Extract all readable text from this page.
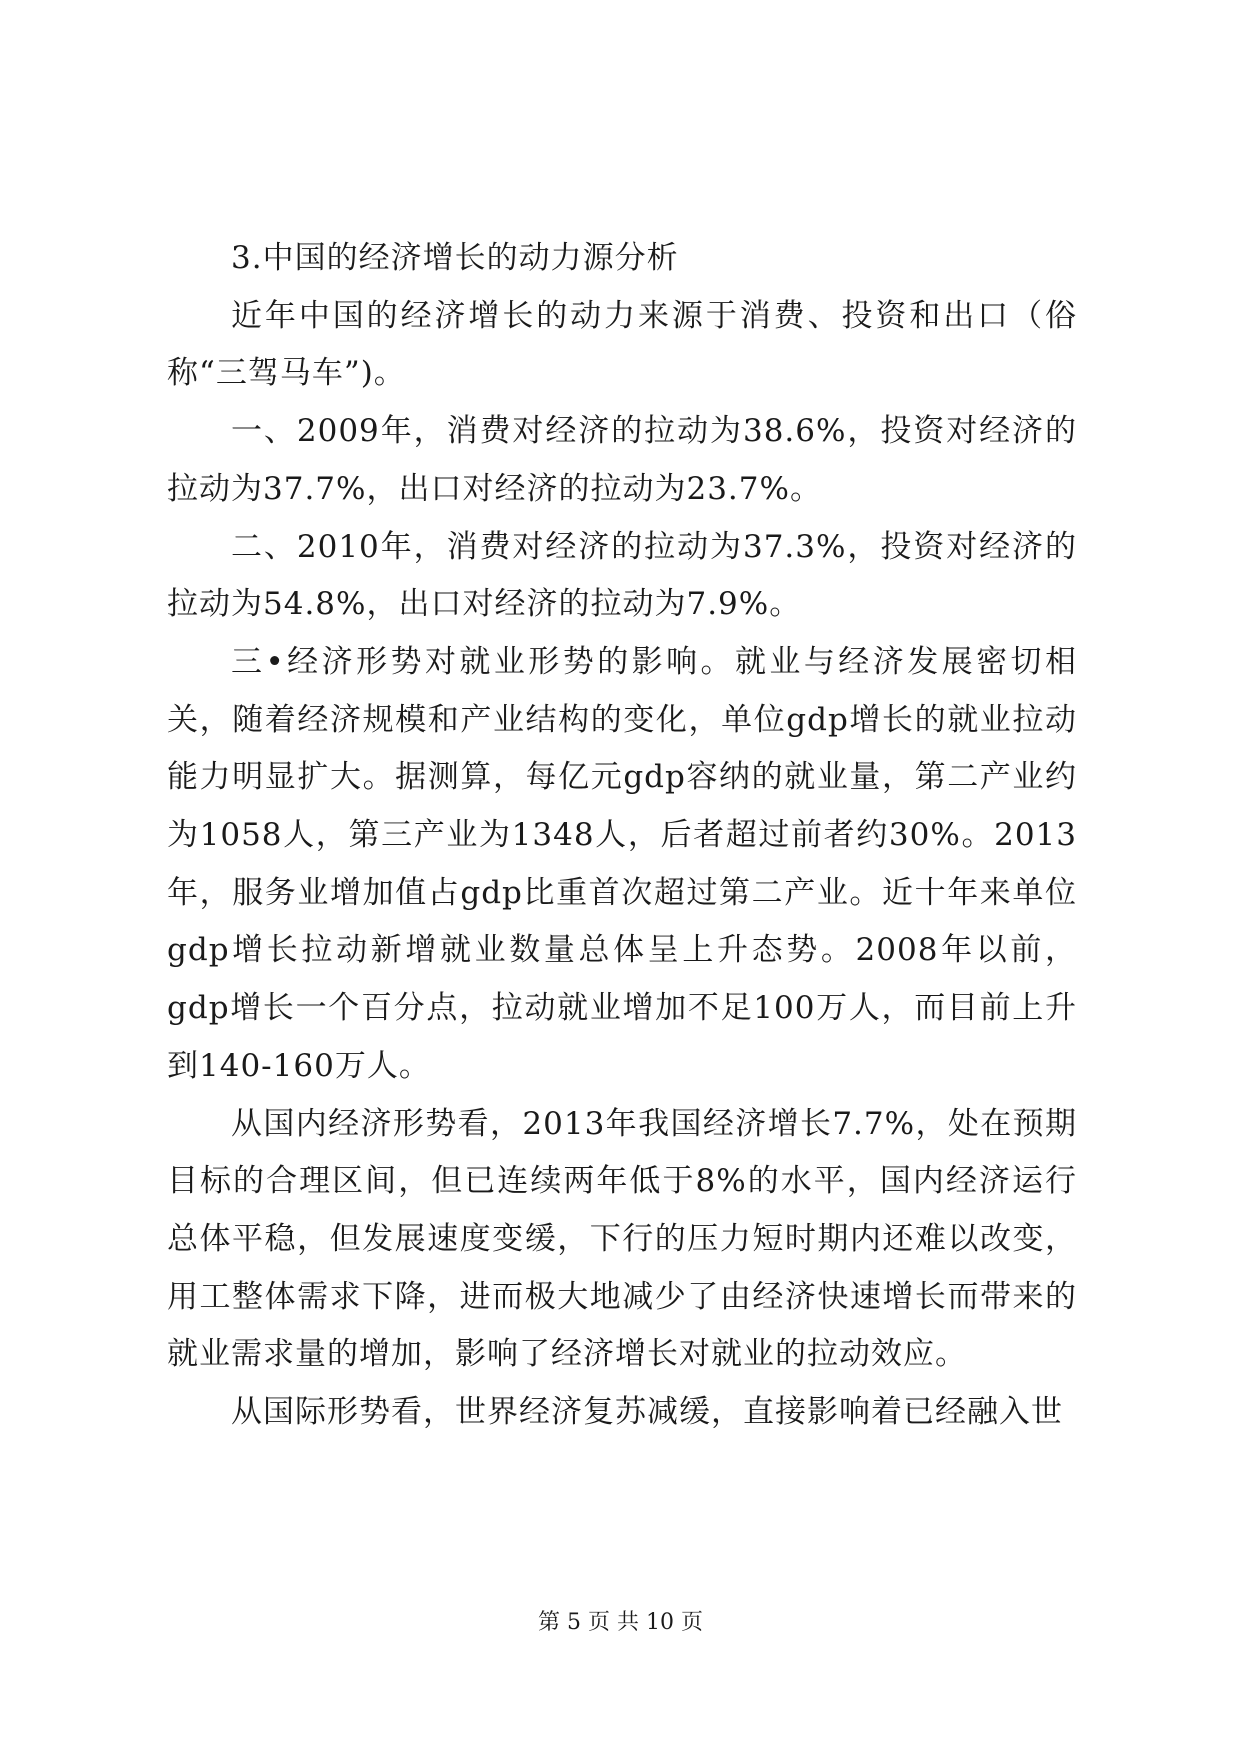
3.中国的经济增长的动力源分析

近年中国的经济增长的动力来源于消费、投资和出口（俗称“三驾马车”)。

一、2009年，消费对经济的拉动为38.6%，投资对经济的拉动为37.7%，出口对经济的拉动为23.7%。

二、2010年，消费对经济的拉动为37.3%，投资对经济的拉动为54.8%，出口对经济的拉动为7.9%。

三•经济形势对就业形势的影响。就业与经济发展密切相关，随着经济规模和产业结构的变化，单位gdp增长的就业拉动能力明显扩大。据测算，每亿元gdp容纳的就业量，第二产业约为1058人，第三产业为1348人，后者超过前者约30%。2013年，服务业增加值占gdp比重首次超过第二产业。近十年来单位gdp增长拉动新增就业数量总体呈上升态势。2008年以前，gdp增长一个百分点，拉动就业增加不足100万人，而目前上升到140-160万人。

从国内经济形势看，2013年我国经济增长7.7%，处在预期目标的合理区间，但已连续两年低于8%的水平，国内经济运行总体平稳，但发展速度变缓，下行的压力短时期内还难以改变，用工整体需求下降，进而极大地减少了由经济快速增长而带来的就业需求量的增加，影响了经济增长对就业的拉动效应。

从国际形势看，世界经济复苏减缓，直接影响着已经融入世

第 5 页 共 10 页
